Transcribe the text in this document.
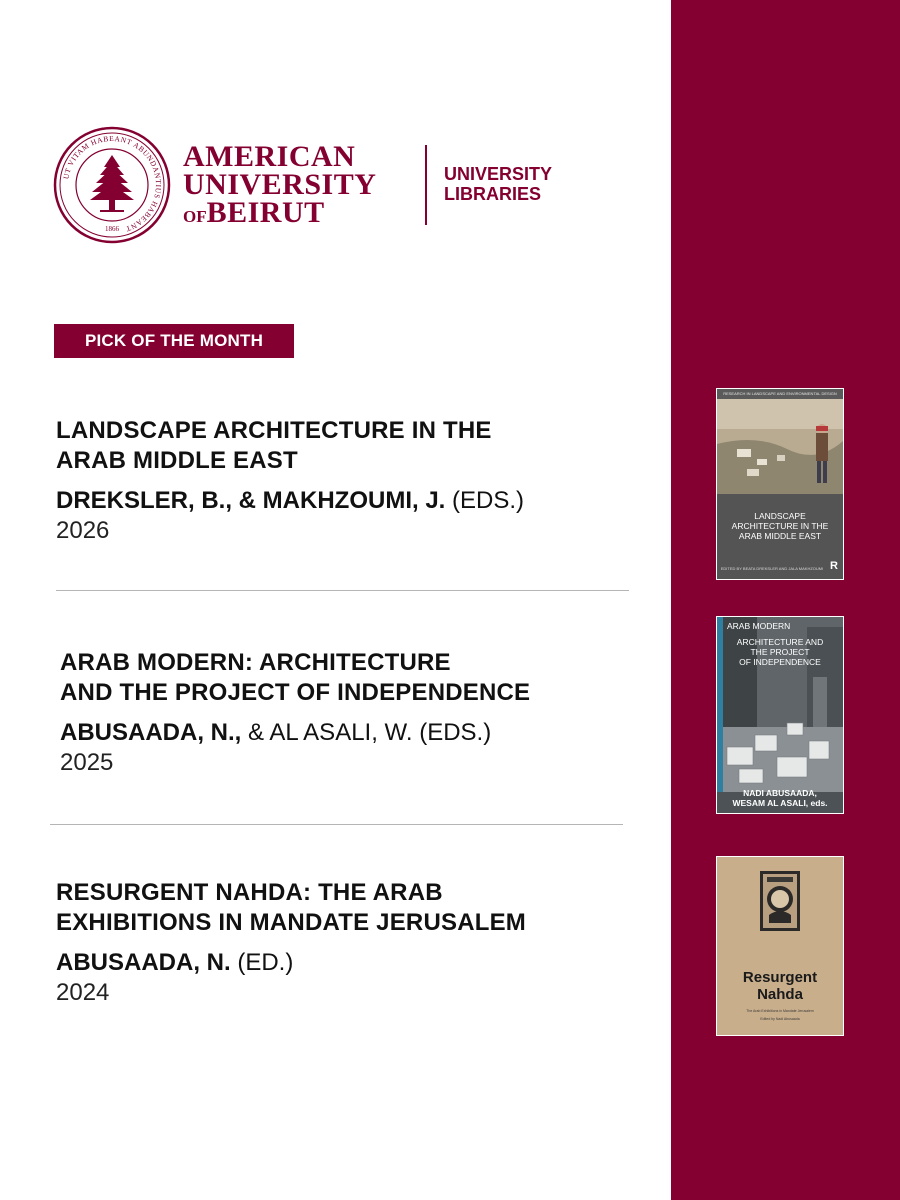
UT VITAM HABEANT ABUNDANTIUS HABEANT
1866
AMERICAN
UNIVERSITY
OFBEIRUT
UNIVERSITY
LIBRARIES
PICK OF THE MONTH
LANDSCAPE ARCHITECTURE IN THE
ARAB MIDDLE EAST
DREKSLER, B., & MAKHZOUMI, J. (EDS.)
2026
ARAB MODERN: ARCHITECTURE
AND THE PROJECT OF INDEPENDENCE
ABUSAADA, N., & AL ASALI, W. (EDS.)
2025
RESURGENT NAHDA: THE ARAB
EXHIBITIONS IN MANDATE JERUSALEM
ABUSAADA, N. (ED.)
2024
RESEARCH IN LANDSCAPE AND ENVIRONMENTAL DESIGN
LANDSCAPE
ARCHITECTURE IN THE
ARAB MIDDLE EAST
EDITED BY BEATA DREKSLER AND JALA MAKHZOUMI R
ARAB MODERN
ARCHITECTURE AND
THE PROJECT
OF INDEPENDENCE
NADI ABUSAADA,
WESAM AL ASALI, eds.
Resurgent
Nahda
The Arab Exhibitions in Mandate Jerusalem
Edited by Nadi Abusaada
